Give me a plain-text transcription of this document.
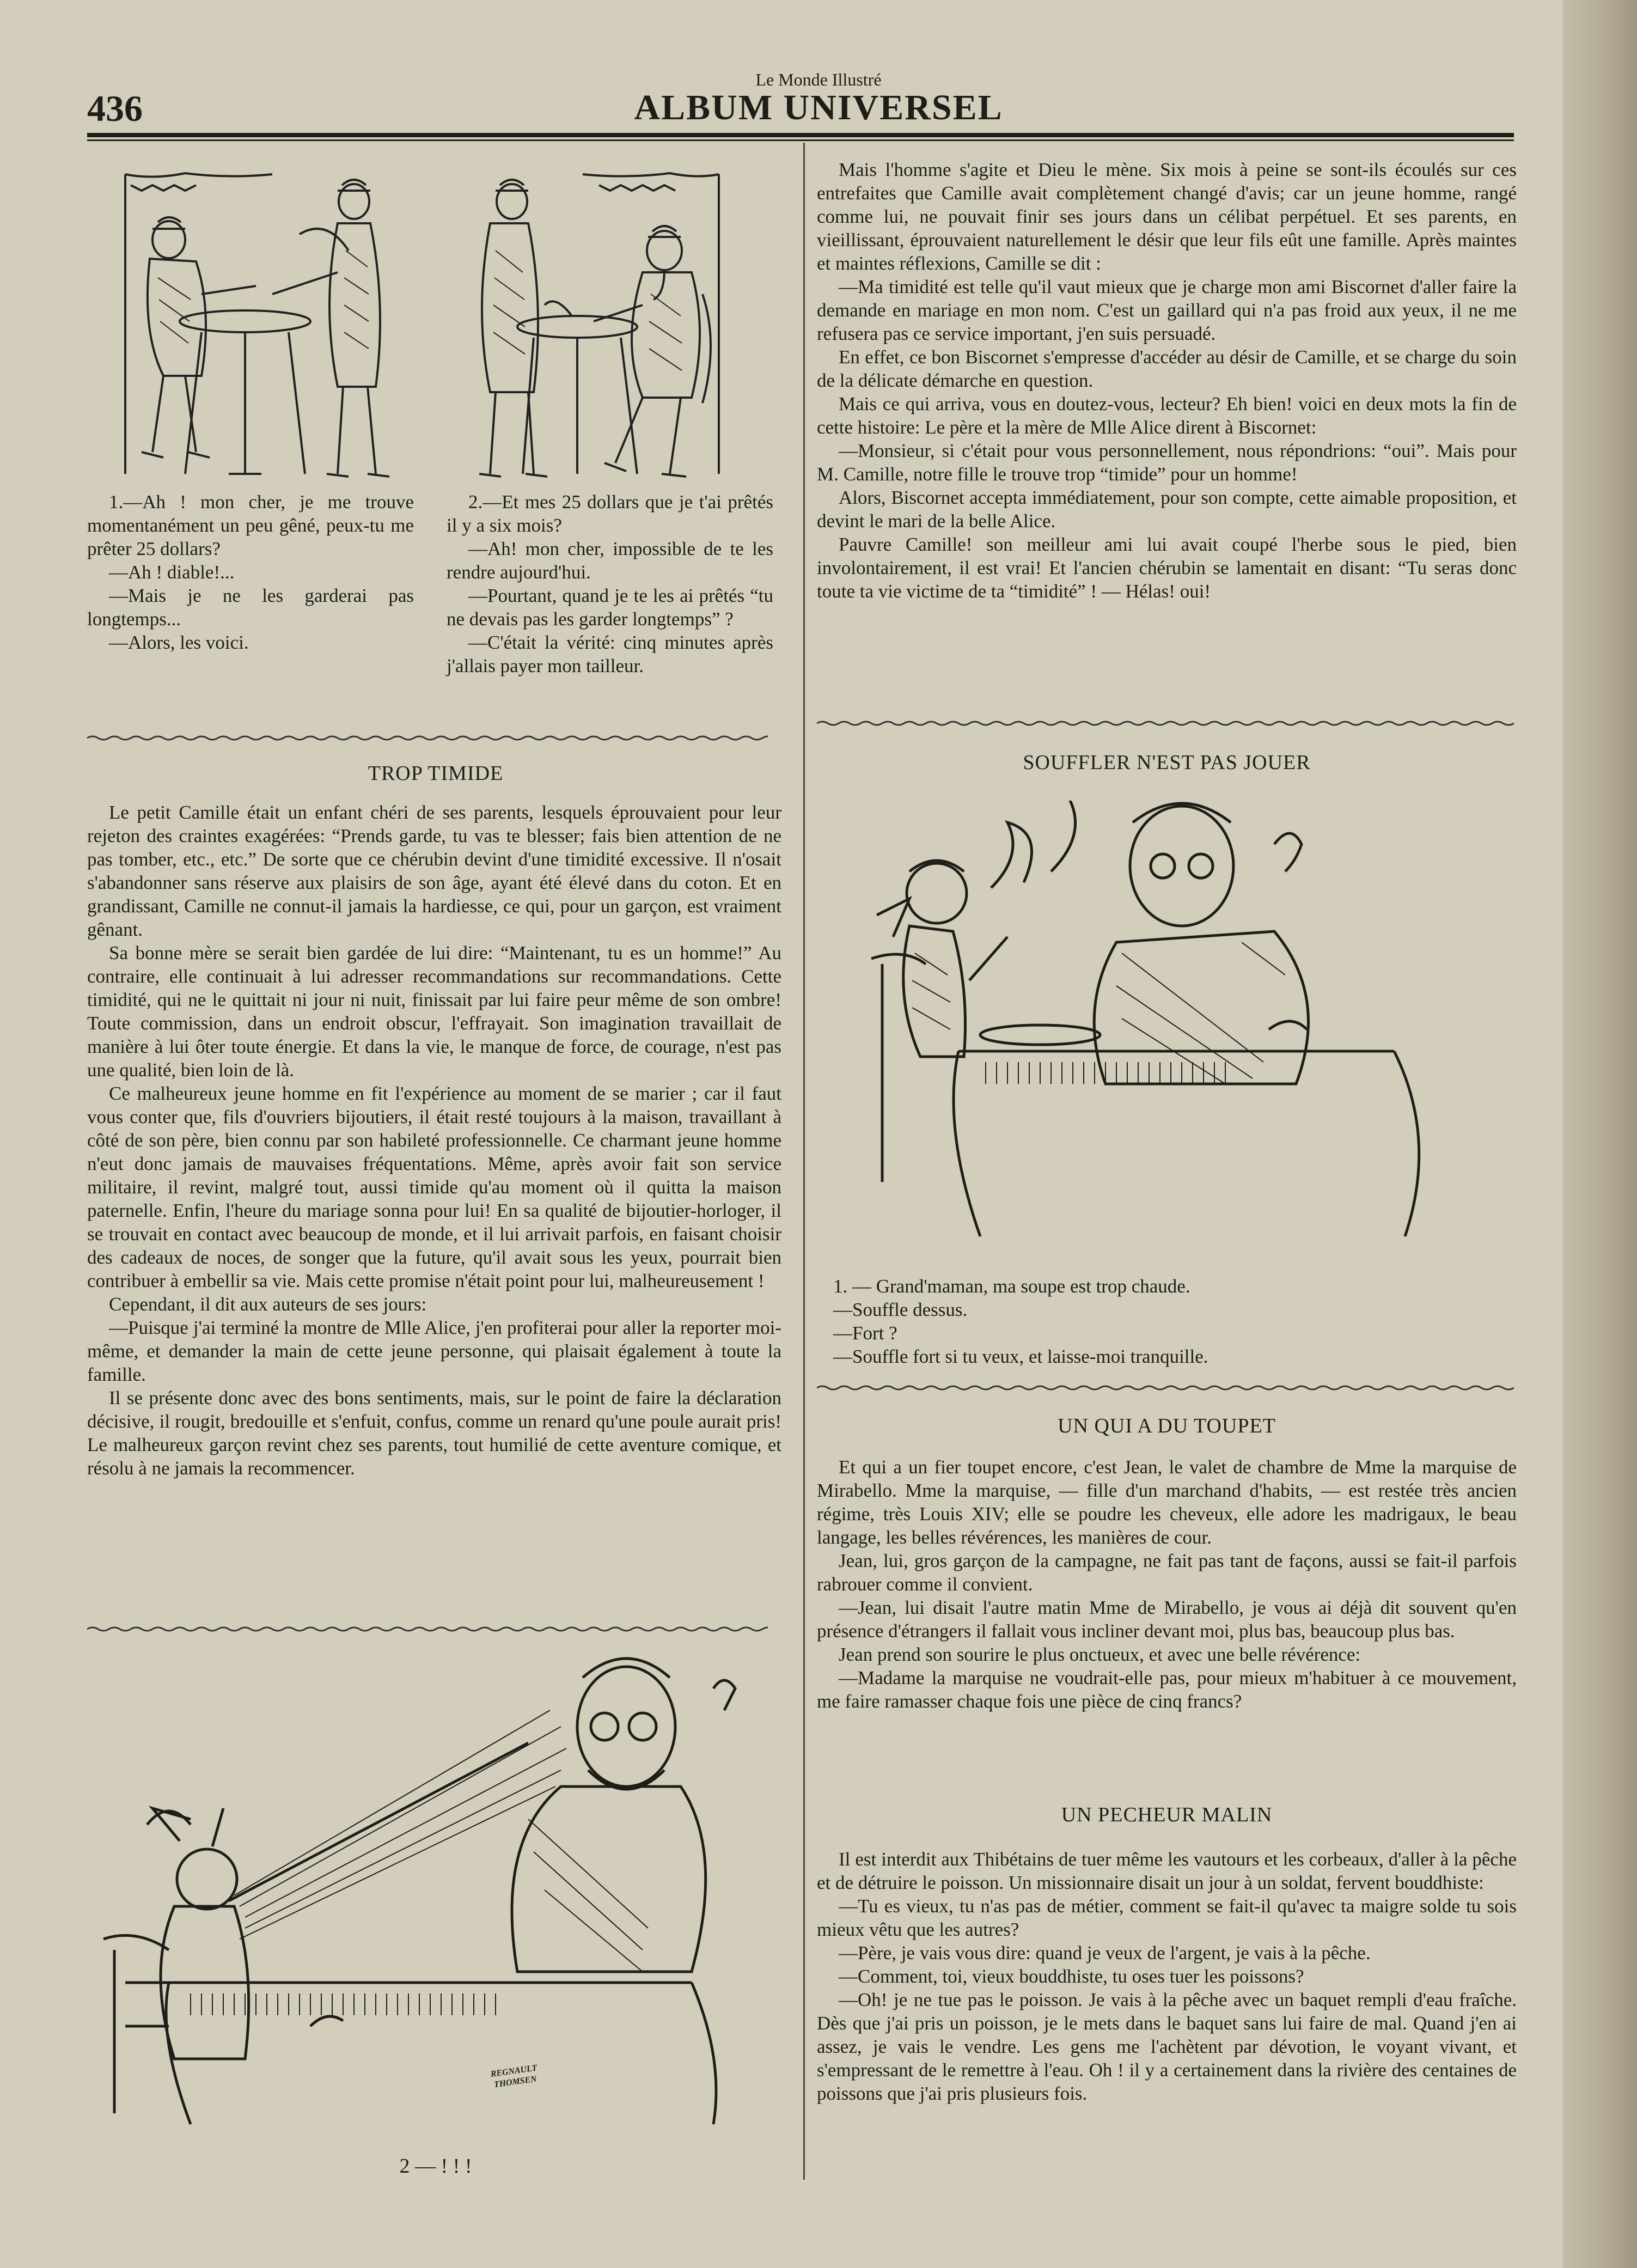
436
Le Monde Illustré
ALBUM UNIVERSEL

1.—Ah ! mon cher, je me trouve momentanément un peu gêné, peux-tu me prêter 25 dollars?

—Ah ! diable!...

—Mais je ne les garderai pas longtemps...

—Alors, les voici.

2.—Et mes 25 dollars que je t'ai prêtés il y a six mois?

—Ah! mon cher, impossible de te les rendre aujourd'hui.

—Pourtant, quand je te les ai prêtés “tu ne devais pas les garder longtemps” ?

—C'était la vérité: cinq minutes après j'allais payer mon tailleur.

TROP TIMIDE

Le petit Camille était un enfant chéri de ses parents, lesquels éprouvaient pour leur rejeton des craintes exagérées: “Prends garde, tu vas te blesser; fais bien attention de ne pas tomber, etc., etc.” De sorte que ce chérubin devint d'une timidité excessive. Il n'osait s'abandonner sans réserve aux plaisirs de son âge, ayant été élevé dans du coton. Et en grandissant, Camille ne connut-il jamais la hardiesse, ce qui, pour un garçon, est vraiment gênant.

Sa bonne mère se serait bien gardée de lui dire: “Maintenant, tu es un homme!” Au contraire, elle continuait à lui adresser recommandations sur recommandations. Cette timidité, qui ne le quittait ni jour ni nuit, finissait par lui faire peur même de son ombre! Toute commission, dans un endroit obscur, l'effrayait. Son imagination travaillait de manière à lui ôter toute énergie. Et dans la vie, le manque de force, de courage, n'est pas une qualité, bien loin de là.

Ce malheureux jeune homme en fit l'expérience au moment de se marier ; car il faut vous conter que, fils d'ouvriers bijoutiers, il était resté toujours à la maison, travaillant à côté de son père, bien connu par son habileté professionnelle. Ce charmant jeune homme n'eut donc jamais de mauvaises fréquentations. Même, après avoir fait son service militaire, il revint, malgré tout, aussi timide qu'au moment où il quitta la maison paternelle. Enfin, l'heure du mariage sonna pour lui! En sa qualité de bijoutier-horloger, il se trouvait en contact avec beaucoup de monde, et il lui arrivait parfois, en faisant choisir des cadeaux de noces, de songer que la future, qu'il avait sous les yeux, pourrait bien contribuer à embellir sa vie. Mais cette promise n'était point pour lui, malheureusement !

Cependant, il dit aux auteurs de ses jours:

—Puisque j'ai terminé la montre de Mlle Alice, j'en profiterai pour aller la reporter moi-même, et demander la main de cette jeune personne, qui plaisait également à toute la famille.

Il se présente donc avec des bons sentiments, mais, sur le point de faire la déclaration décisive, il rougit, bredouille et s'enfuit, confus, comme un renard qu'une poule aurait pris! Le malheureux garçon revint chez ses parents, tout humilié de cette aventure comique, et résolu à ne jamais la recommencer.

REGNAULT THOMSEN
2 — ! ! !

Mais l'homme s'agite et Dieu le mène. Six mois à peine se sont-ils écoulés sur ces entrefaites que Camille avait complètement changé d'avis; car un jeune homme, rangé comme lui, ne pouvait finir ses jours dans un célibat perpétuel. Et ses parents, en vieillissant, éprouvaient naturellement le désir que leur fils eût une famille. Après maintes et maintes réflexions, Camille se dit :

—Ma timidité est telle qu'il vaut mieux que je charge mon ami Biscornet d'aller faire la demande en mariage en mon nom. C'est un gaillard qui n'a pas froid aux yeux, il ne me refusera pas ce service important, j'en suis persuadé.

En effet, ce bon Biscornet s'empresse d'accéder au désir de Camille, et se charge du soin de la délicate démarche en question.

Mais ce qui arriva, vous en doutez-vous, lecteur? Eh bien! voici en deux mots la fin de cette histoire: Le père et la mère de Mlle Alice dirent à Biscornet:

—Monsieur, si c'était pour vous personnellement, nous répondrions: “oui”. Mais pour M. Camille, notre fille le trouve trop “timide” pour un homme!

Alors, Biscornet accepta immédiatement, pour son compte, cette aimable proposition, et devint le mari de la belle Alice.

Pauvre Camille! son meilleur ami lui avait coupé l'herbe sous le pied, bien involontairement, il est vrai! Et l'ancien chérubin se lamentait en disant: “Tu seras donc toute ta vie victime de ta “timidité” ! — Hélas! oui!

SOUFFLER N'EST PAS JOUER

1. — Grand'maman, ma soupe est trop chaude.

—Souffle dessus.

—Fort ?

—Souffle fort si tu veux, et laisse-moi tranquille.

UN QUI A DU TOUPET

Et qui a un fier toupet encore, c'est Jean, le valet de chambre de Mme la marquise de Mirabello. Mme la marquise, — fille d'un marchand d'habits, — est restée très ancien régime, très Louis XIV; elle se poudre les cheveux, elle adore les madrigaux, le beau langage, les belles révérences, les manières de cour.

Jean, lui, gros garçon de la campagne, ne fait pas tant de façons, aussi se fait-il parfois rabrouer comme il convient.

—Jean, lui disait l'autre matin Mme de Mirabello, je vous ai déjà dit souvent qu'en présence d'étrangers il fallait vous incliner devant moi, plus bas, beaucoup plus bas.

Jean prend son sourire le plus onctueux, et avec une belle révérence:

—Madame la marquise ne voudrait-elle pas, pour mieux m'habituer à ce mouvement, me faire ramasser chaque fois une pièce de cinq francs?

UN PECHEUR MALIN

Il est interdit aux Thibétains de tuer même les vautours et les corbeaux, d'aller à la pêche et de détruire le poisson. Un missionnaire disait un jour à un soldat, fervent bouddhiste:

—Tu es vieux, tu n'as pas de métier, comment se fait-il qu'avec ta maigre solde tu sois mieux vêtu que les autres?

—Père, je vais vous dire: quand je veux de l'argent, je vais à la pêche.

—Comment, toi, vieux bouddhiste, tu oses tuer les poissons?

—Oh! je ne tue pas le poisson. Je vais à la pêche avec un baquet rempli d'eau fraîche. Dès que j'ai pris un poisson, je le mets dans le baquet sans lui faire de mal. Quand j'en ai assez, je vais le vendre. Les gens me l'achètent par dévotion, le voyant vivant, et s'empressant de le remettre à l'eau. Oh ! il y a certainement dans la rivière des centaines de poissons que j'ai pris plusieurs fois.
